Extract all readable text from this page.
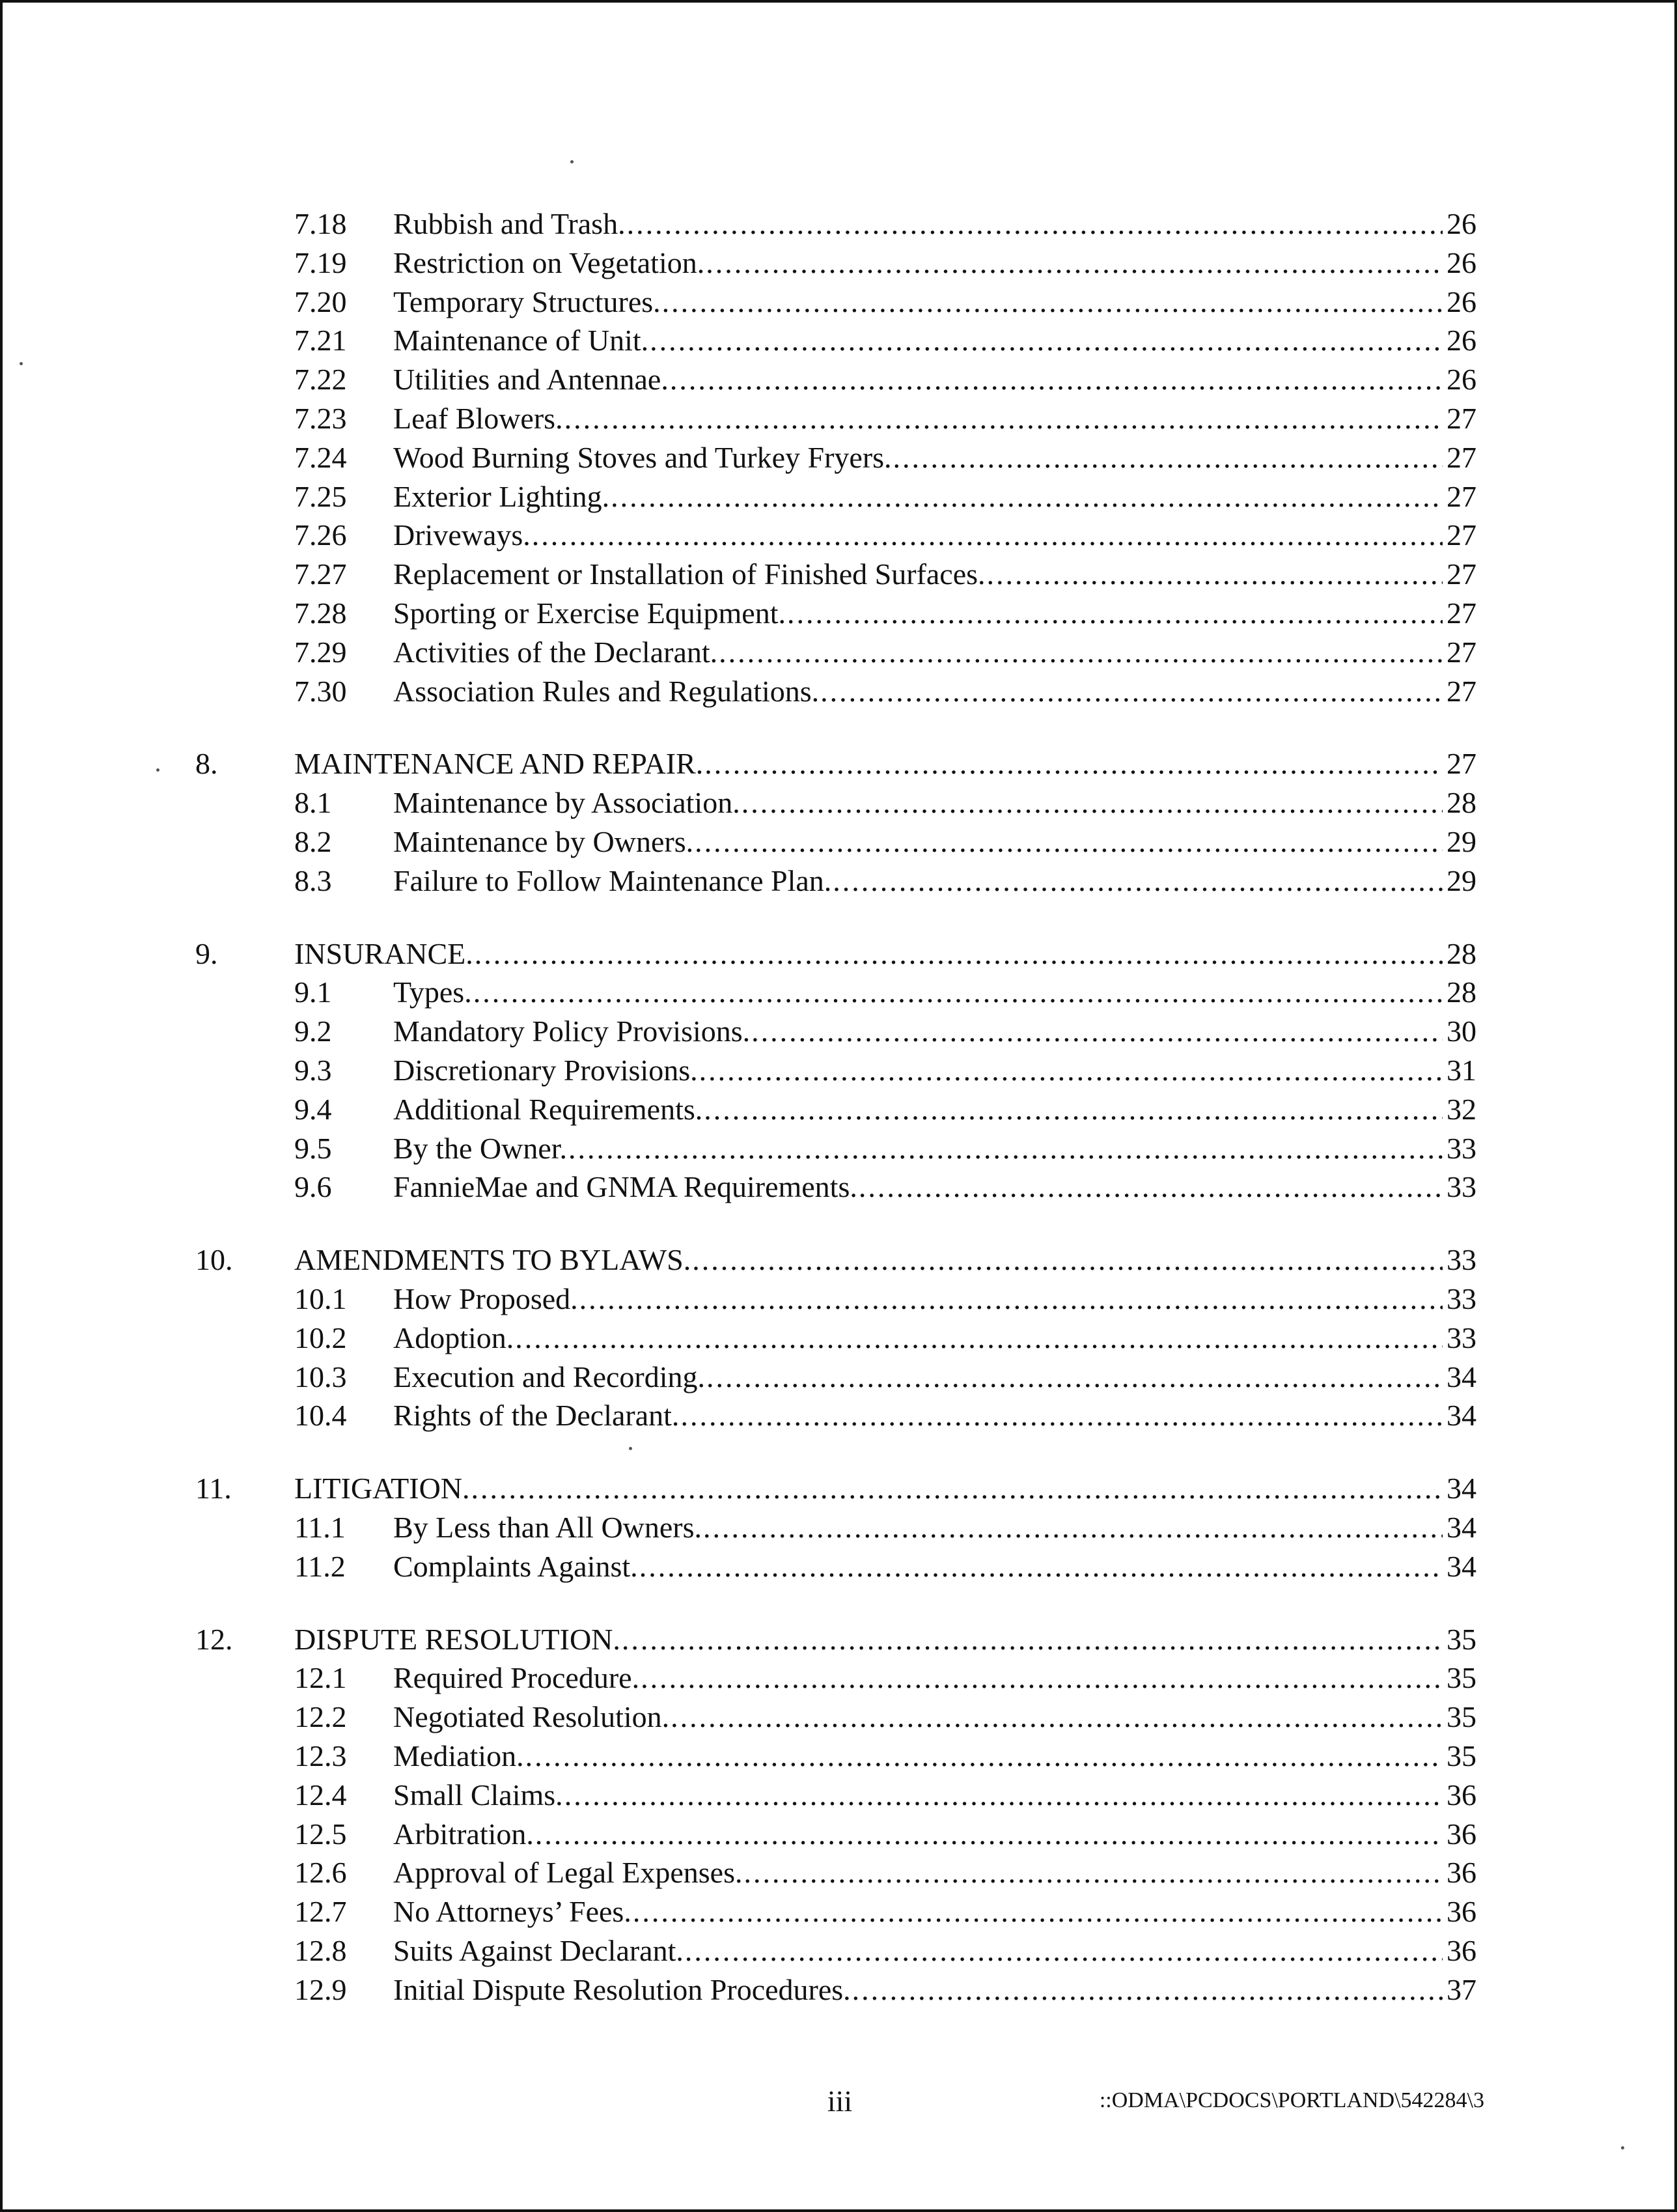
7.18 Rubbish and Trash. .....	26
7.19 Restriction on Vegetation. .....	26
7.20 Temporary Structures. .....	26
7.21 Maintenance of Unit. .....	26
7.22 Utilities and Antennae. .....	26
7.23 Leaf Blowers. .....	27
7.24 Wood Burning Stoves and Turkey Fryers. .....	27
7.25 Exterior Lighting. .....	27
7.26 Driveways. .....	27
7.27 Replacement or Installation of Finished Surfaces. .....	27
7.28 Sporting or Exercise Equipment. .....	27
7.29 Activities of the Declarant. .....	27
7.30 Association Rules and Regulations. .....	27
8.	MAINTENANCE AND REPAIR. .....	27
8.1 Maintenance by Association. .....	28
8.2 Maintenance by Owners. .....	29
8.3 Failure to Follow Maintenance Plan. .....	29
9.	INSURANCE. .....	28
9.1 Types. .....	28
9.2 Mandatory Policy Provisions. .....	30
9.3 Discretionary Provisions. .....	31
9.4 Additional Requirements. .....	32
9.5 By the Owner. .....	33
9.6 FannieMae and GNMA Requirements. .....	33
10. AMENDMENTS TO BYLAWS. .....	33
10.1 How Proposed. .....	33
10.2 Adoption. .....	33
10.3 Execution and Recording. .....	34
10.4 Rights of the Declarant. .....	34
11. LITIGATION. .....	34
11.1 By Less than All Owners. .....	34
11.2 Complaints Against. .....	34
12. DISPUTE RESOLUTION. .....	35
12.1 Required Procedure. .....	35
12.2 Negotiated Resolution. .....	35
12.3 Mediation. .....	35
12.4 Small Claims. .....	36
12.5 Arbitration. .....	36
12.6 Approval of Legal Expenses. .....	36
12.7 No Attorneys’ Fees. .....	36
12.8 Suits Against Declarant. .....	36
12.9 Initial Dispute Resolution Procedures. .....	37
iii	::ODMA\PCDOCS\PORTLAND\542284\3
